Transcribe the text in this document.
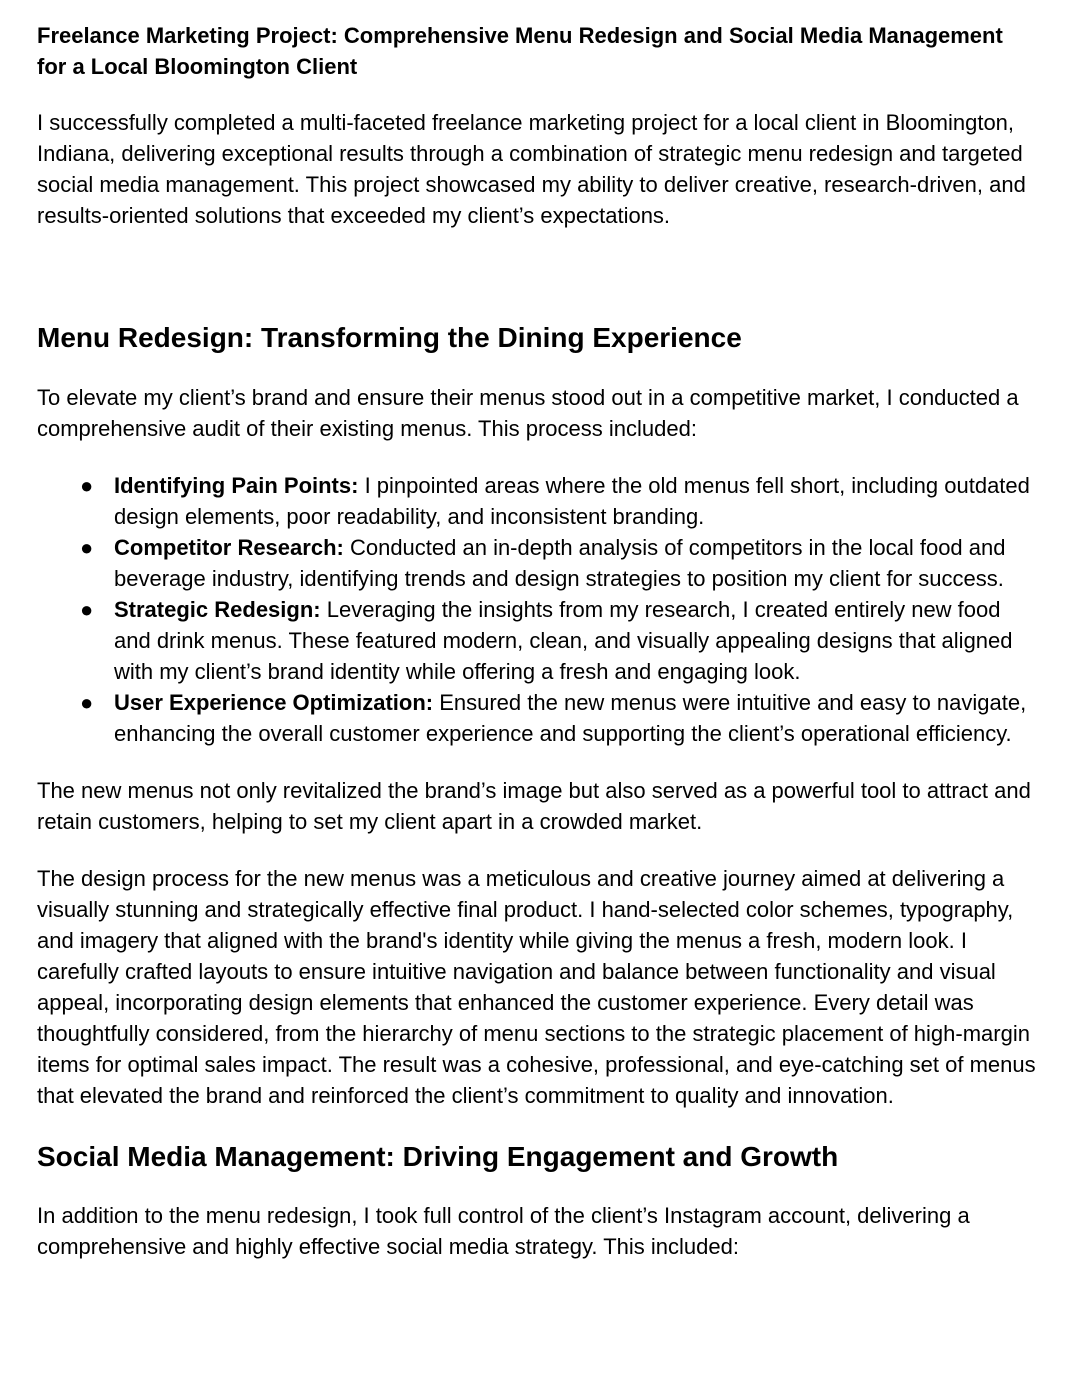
Freelance Marketing Project: Comprehensive Menu Redesign and Social Media Management for a Local Bloomington Client

I successfully completed a multi-faceted freelance marketing project for a local client in Bloomington, Indiana, delivering exceptional results through a combination of strategic menu redesign and targeted social media management. This project showcased my ability to deliver creative, research-driven, and results-oriented solutions that exceeded my client’s expectations.

Menu Redesign: Transforming the Dining Experience

To elevate my client’s brand and ensure their menus stood out in a competitive market, I conducted a comprehensive audit of their existing menus. This process included:

● Identifying Pain Points: I pinpointed areas where the old menus fell short, including outdated design elements, poor readability, and inconsistent branding.
● Competitor Research: Conducted an in-depth analysis of competitors in the local food and beverage industry, identifying trends and design strategies to position my client for success.
● Strategic Redesign: Leveraging the insights from my research, I created entirely new food and drink menus. These featured modern, clean, and visually appealing designs that aligned with my client’s brand identity while offering a fresh and engaging look.
● User Experience Optimization: Ensured the new menus were intuitive and easy to navigate, enhancing the overall customer experience and supporting the client’s operational efficiency.

The new menus not only revitalized the brand’s image but also served as a powerful tool to attract and retain customers, helping to set my client apart in a crowded market.

The design process for the new menus was a meticulous and creative journey aimed at delivering a visually stunning and strategically effective final product. I hand-selected color schemes, typography, and imagery that aligned with the brand's identity while giving the menus a fresh, modern look. I carefully crafted layouts to ensure intuitive navigation and balance between functionality and visual appeal, incorporating design elements that enhanced the customer experience. Every detail was thoughtfully considered, from the hierarchy of menu sections to the strategic placement of high-margin items for optimal sales impact. The result was a cohesive, professional, and eye-catching set of menus that elevated the brand and reinforced the client’s commitment to quality and innovation.

Social Media Management: Driving Engagement and Growth

In addition to the menu redesign, I took full control of the client’s Instagram account, delivering a comprehensive and highly effective social media strategy. This included:
